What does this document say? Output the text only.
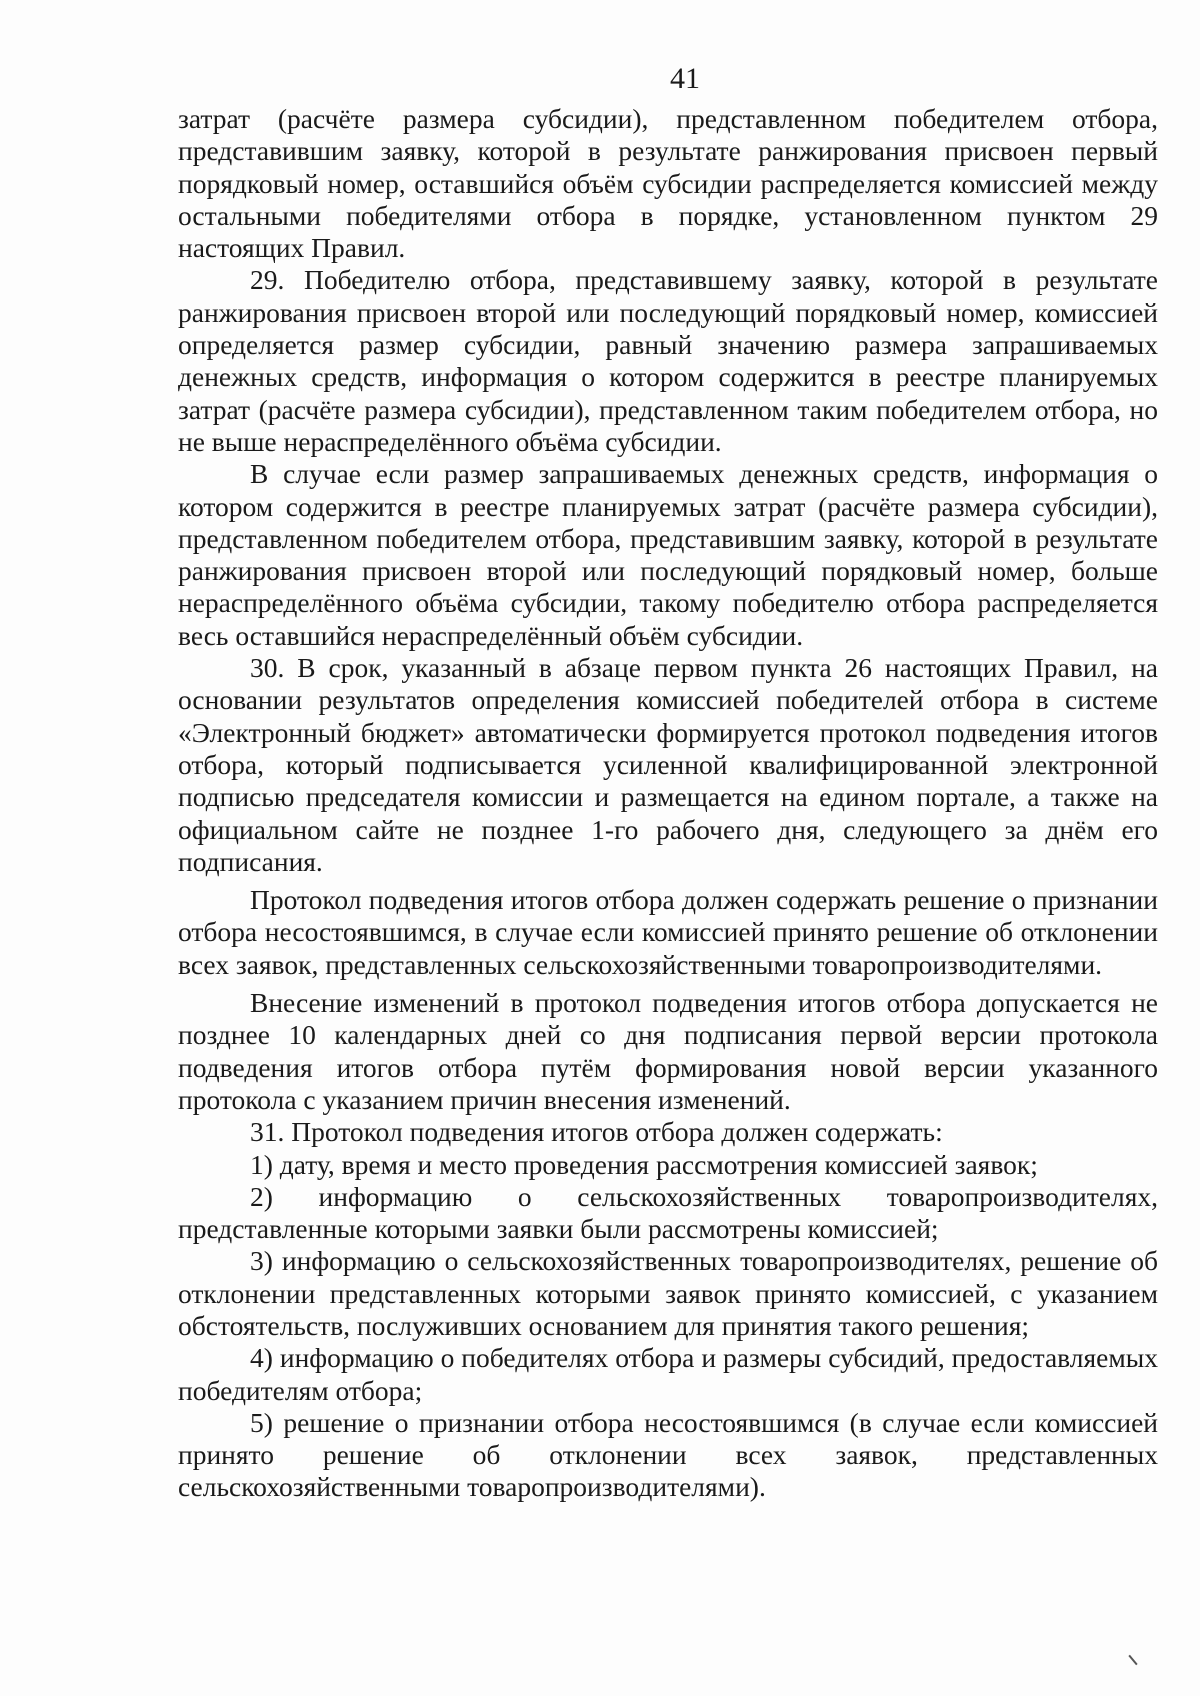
41

затрат (расчёте размера субсидии), представленном победителем отбора, представившим заявку, которой в результате ранжирования присвоен первый порядковый номер, оставшийся объём субсидии распределяется комиссией между остальными победителями отбора в порядке, установленном пунктом 29 настоящих Правил.

29. Победителю отбора, представившему заявку, которой в результате ранжирования присвоен второй или последующий порядковый номер, комиссией определяется размер субсидии, равный значению размера запрашиваемых денежных средств, информация о котором содержится в реестре планируемых затрат (расчёте размера субсидии), представленном таким победителем отбора, но не выше нераспределённого объёма субсидии.

В случае если размер запрашиваемых денежных средств, информация о котором содержится в реестре планируемых затрат (расчёте размера субсидии), представленном победителем отбора, представившим заявку, которой в результате ранжирования присвоен второй или последующий порядковый номер, больше нераспределённого объёма субсидии, такому победителю отбора распределяется весь оставшийся нераспределённый объём субсидии.

30. В срок, указанный в абзаце первом пункта 26 настоящих Правил, на основании результатов определения комиссией победителей отбора в системе «Электронный бюджет» автоматически формируется протокол подведения итогов отбора, который подписывается усиленной квалифицированной электронной подписью председателя комиссии и размещается на едином портале, а также на официальном сайте не позднее 1-го рабочего дня, следующего за днём его подписания.

Протокол подведения итогов отбора должен содержать решение о признании отбора несостоявшимся, в случае если комиссией принято решение об отклонении всех заявок, представленных сельскохозяйственными товаропроизводителями.

Внесение изменений в протокол подведения итогов отбора допускается не позднее 10 календарных дней со дня подписания первой версии протокола подведения итогов отбора путём формирования новой версии указанного протокола с указанием причин внесения изменений.

31. Протокол подведения итогов отбора должен содержать:

1) дату, время и место проведения рассмотрения комиссией заявок;

2) информацию о сельскохозяйственных товаропроизводителях, представленные которыми заявки были рассмотрены комиссией;

3) информацию о сельскохозяйственных товаропроизводителях, решение об отклонении представленных которыми заявок принято комиссией, с указанием обстоятельств, послуживших основанием для принятия такого решения;

4) информацию о победителях отбора и размеры субсидий, предоставляемых победителям отбора;

5) решение о признании отбора несостоявшимся (в случае если комиссией принято решение об отклонении всех заявок, представленных сельскохозяйственными товаропроизводителями).
